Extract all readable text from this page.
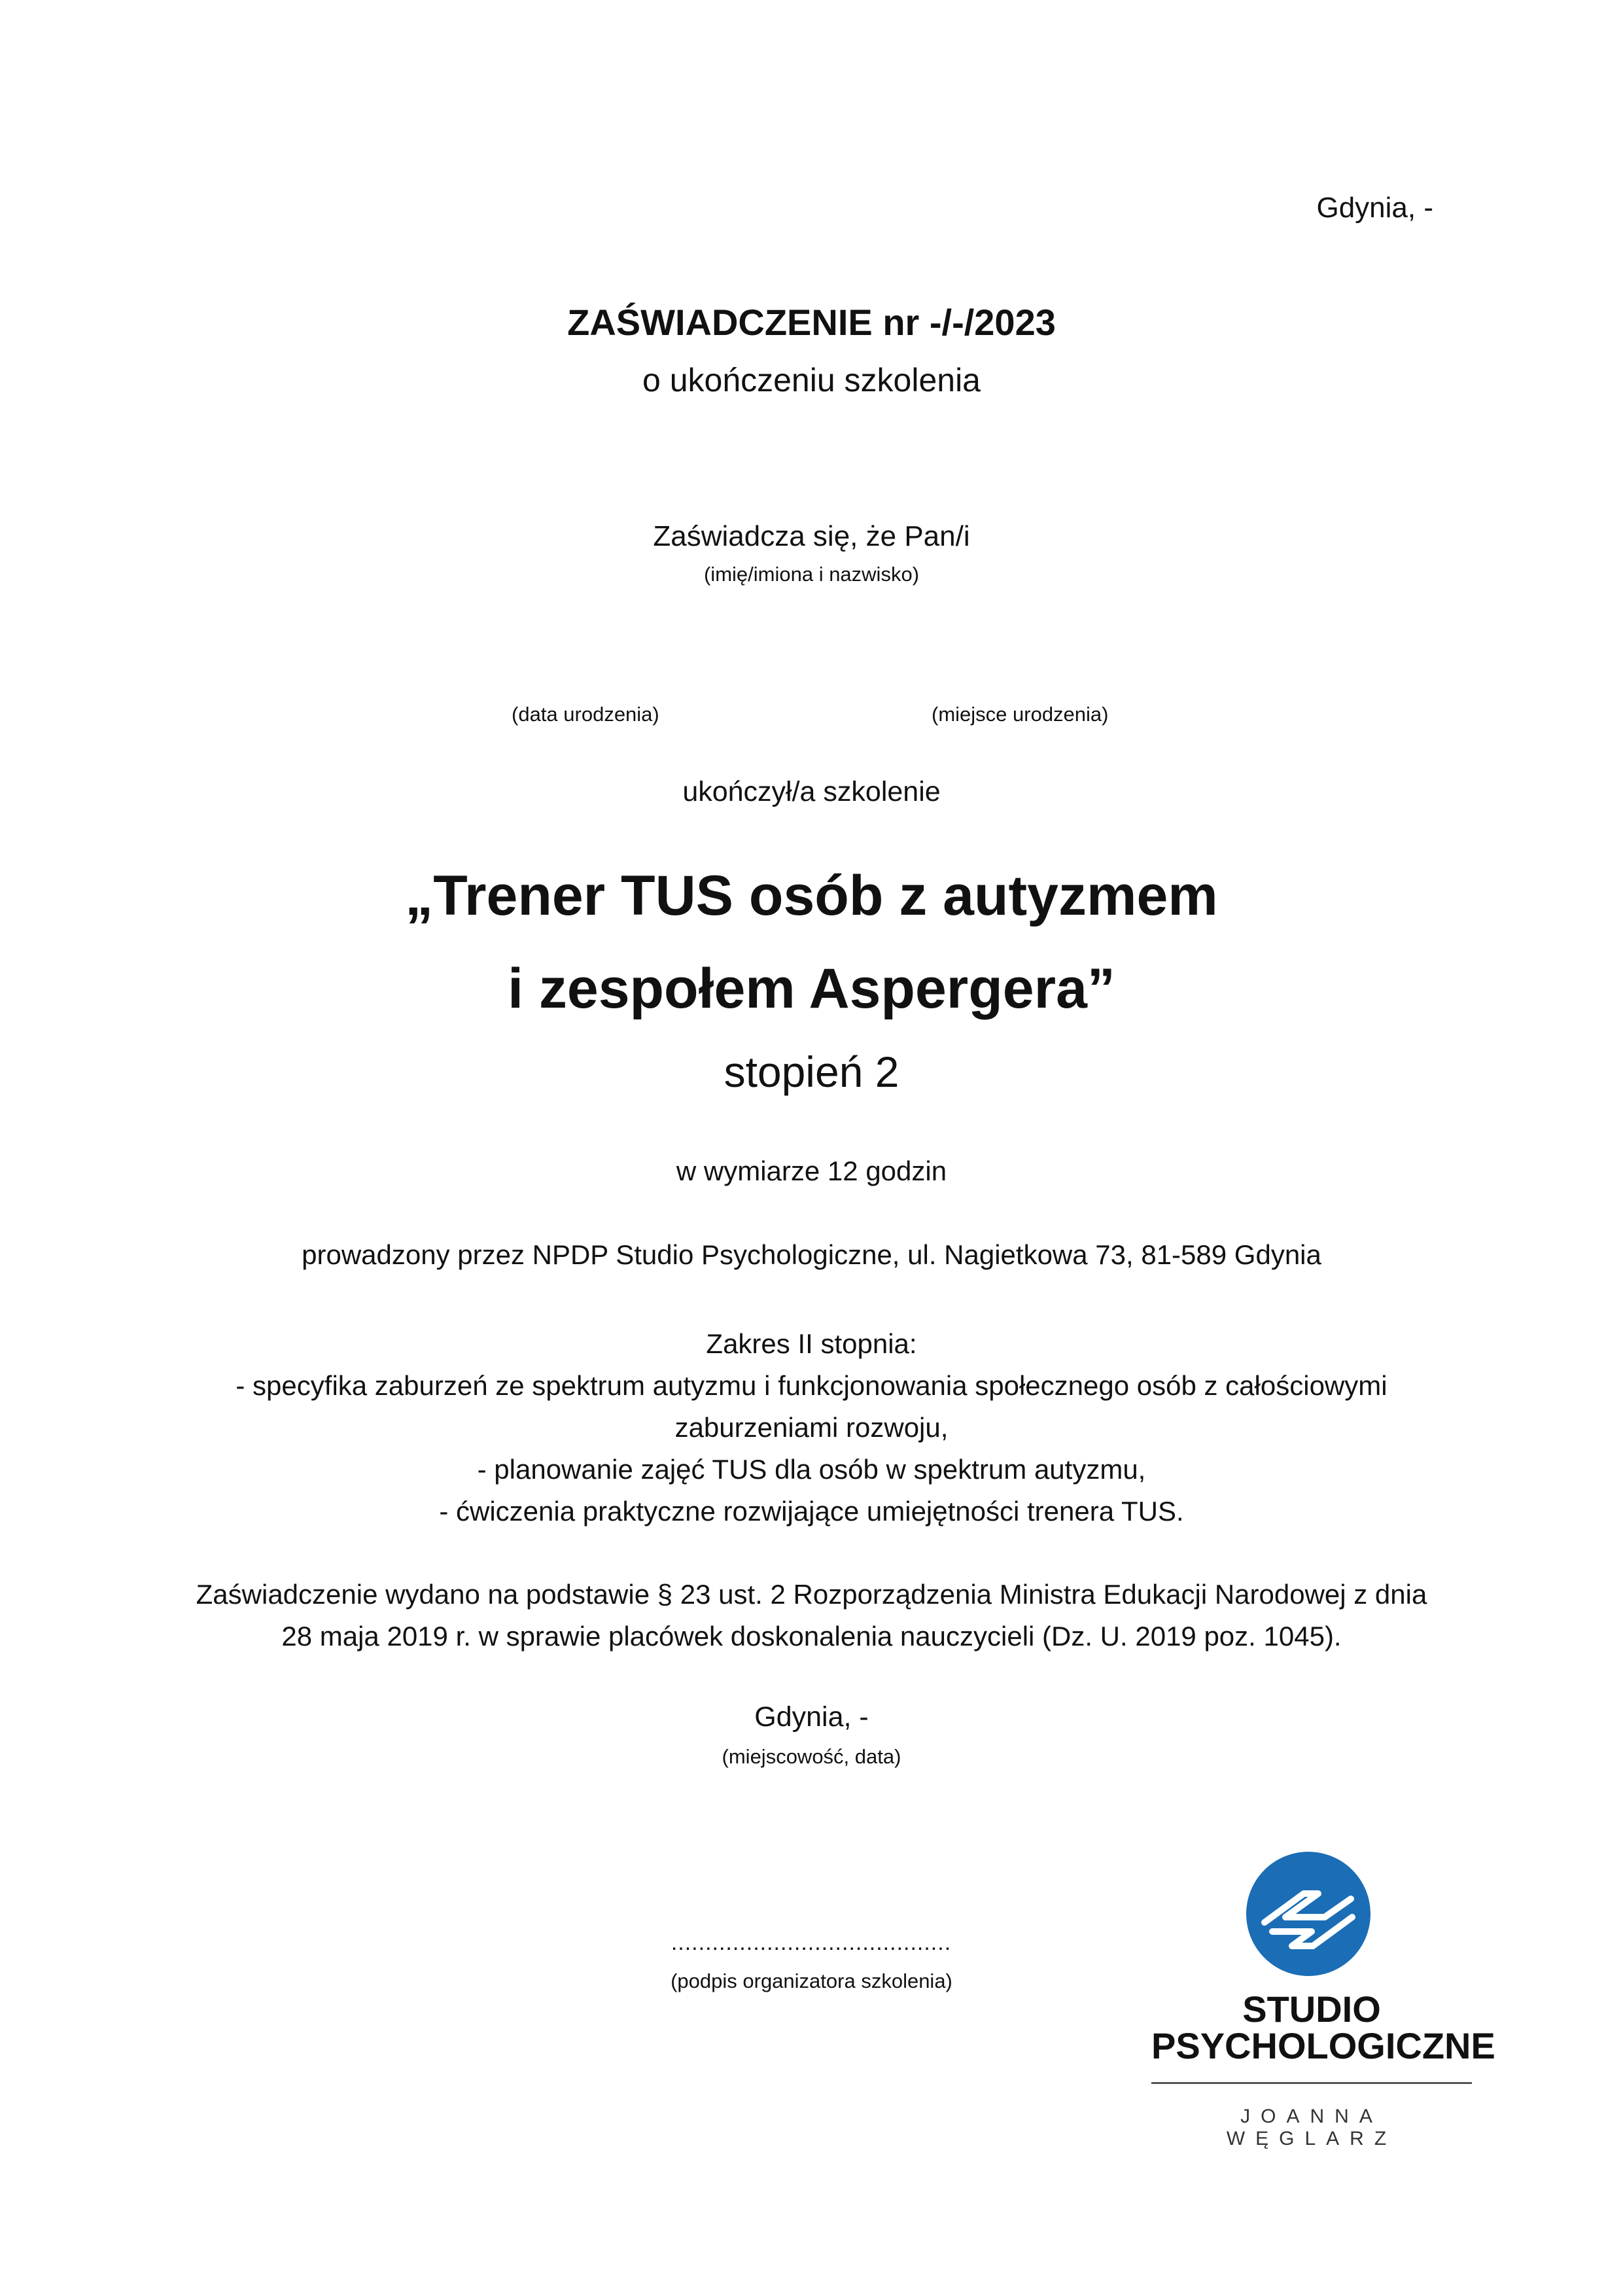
Gdynia, -
ZAŚWIADCZENIE nr -/-/2023
o ukończeniu szkolenia
Zaświadcza się, że Pan/i
(imię/imiona i nazwisko)
(data urodzenia)	(miejsce urodzenia)
ukończył/a szkolenie
„Trener TUS osób z autyzmem
i zespołem Aspergera”
stopień 2
w wymiarze 12 godzin
prowadzony przez NPDP Studio Psychologiczne, ul. Nagietkowa 73, 81-589 Gdynia
Zakres II stopnia:
- specyfika zaburzeń ze spektrum autyzmu i funkcjonowania społecznego osób z całościowymi
zaburzeniami rozwoju,
- planowanie zajęć TUS dla osób w spektrum autyzmu,
- ćwiczenia praktyczne rozwijające umiejętności trenera TUS.
Zaświadczenie wydano na podstawie § 23 ust. 2 Rozporządzenia Ministra Edukacji Narodowej z dnia
28 maja 2019 r. w sprawie placówek doskonalenia nauczycieli (Dz. U. 2019 poz. 1045).
Gdynia, -
(miejscowość, data)
.........................................
(podpis organizatora szkolenia)
STUDIO
PSYCHOLOGICZNE
JOANNA WĘGLARZ
